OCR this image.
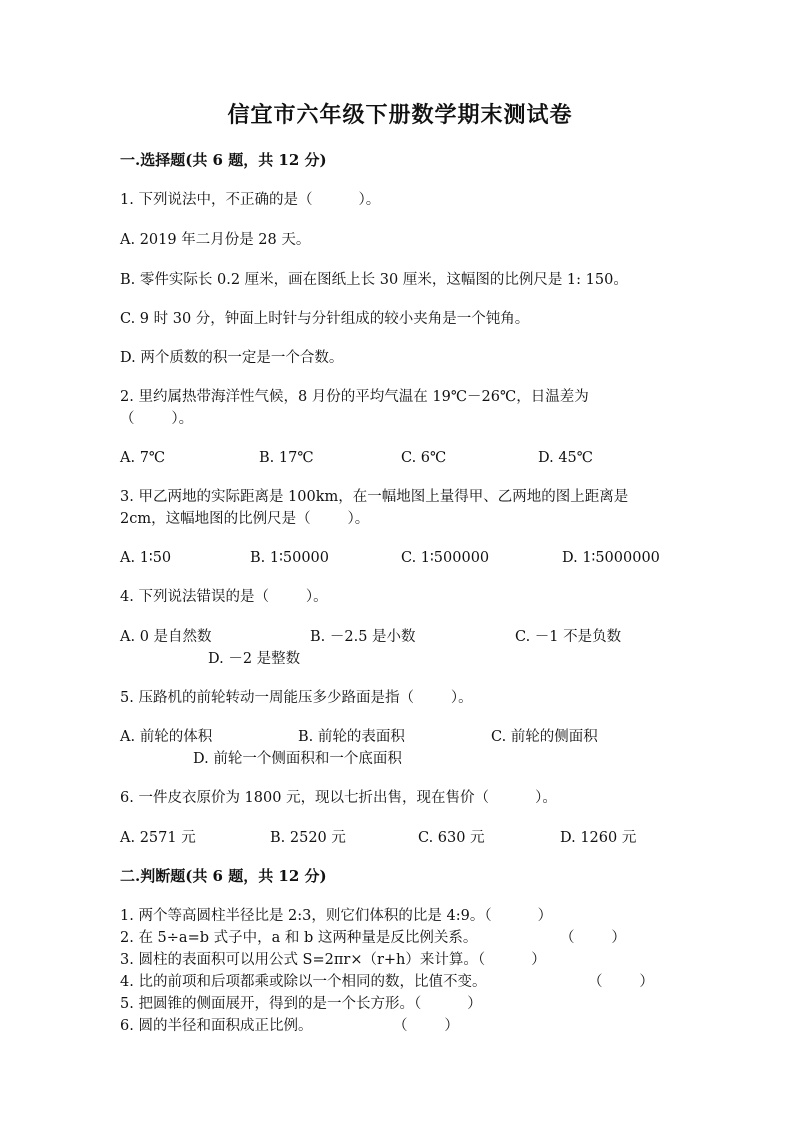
信宜市六年级下册数学期末测试卷
一.选择题(共 6 题，共 12 分)
1. 下列说法中，不正确的是（          ）。
A. 2019 年二月份是 28 天。
B. 零件实际长 0.2 厘米，画在图纸上长 30 厘米，这幅图的比例尺是 1: 150。
C. 9 时 30 分，钟面上时针与分针组成的较小夹角是一个钝角。
D. 两个质数的积一定是一个合数。
2. 里约属热带海洋性气候，8 月份的平均气温在 19℃－26℃，日温差为
（        ）。
A. 7℃	B. 17℃	C. 6℃	D. 45℃
3. 甲乙两地的实际距离是 100km，在一幅地图上量得甲、乙两地的图上距离是
2cm，这幅地图的比例尺是（        ）。
A. 1∶50	B. 1∶50000	C. 1∶500000	D. 1∶5000000
4. 下列说法错误的是（        ）。
A. 0 是自然数	B. －2.5 是小数	C. －1 不是负数
D. －2 是整数
5. 压路机的前轮转动一周能压多少路面是指（        ）。
A. 前轮的体积	B. 前轮的表面积	C. 前轮的侧面积
D. 前轮一个侧面积和一个底面积
6. 一件皮衣原价为 1800 元，现以七折出售，现在售价（          ）。
A. 2571 元	B. 2520 元	C. 630 元	D. 1260 元
二.判断题(共 6 题，共 12 分)
1. 两个等高圆柱半径比是 2:3，则它们体积的比是 4:9。（          ）
2. 在 5÷a=b 式子中，a 和 b 这两种量是反比例关系。	（        ）
3. 圆柱的表面积可以用公式 S=2πr×（r+h）来计算。（          ）
4. 比的前项和后项都乘或除以一个相同的数，比值不变。	（        ）
5. 把圆锥的侧面展开，得到的是一个长方形。（          ）
6. 圆的半径和面积成正比例。	（        ）
